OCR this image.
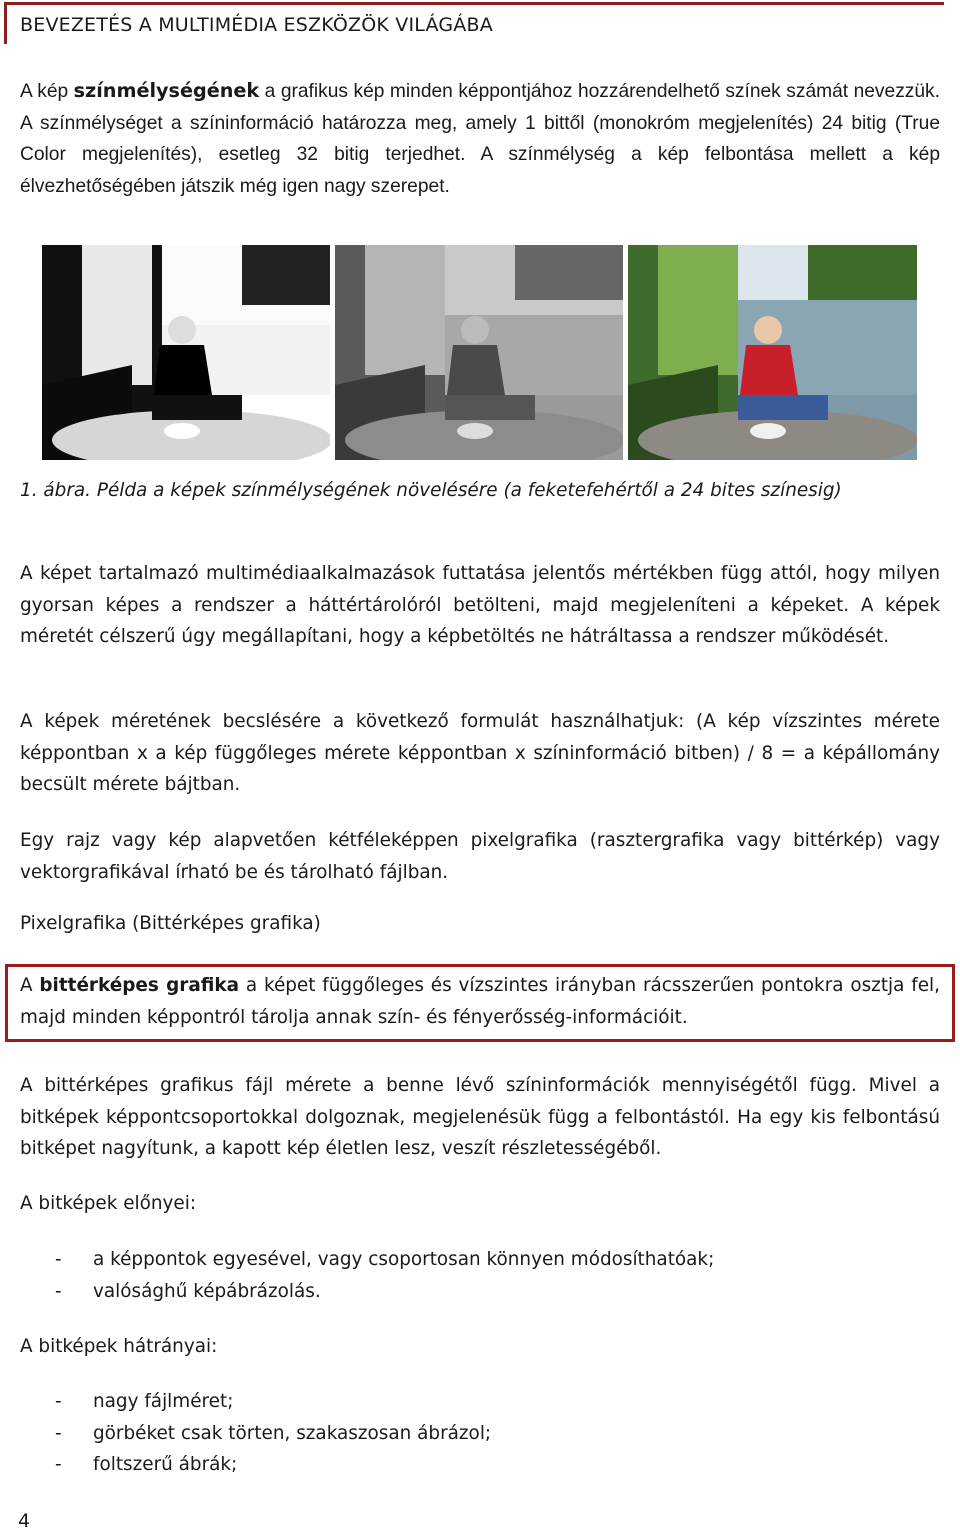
BEVEZETÉS A MULTIMÉDIA ESZKÖZÖK VILÁGÁBA

A kép színmélységének a grafikus kép minden képpontjához hozzárendelhető színek számát nevezzük. A színmélységet a színinformáció határozza meg, amely 1 bittől (monokróm megjelenítés) 24 bitig (True Color megjelenítés), esetleg 32 bitig terjedhet. A színmélység a kép felbontása mellett a kép élvezhetőségében játszik még igen nagy szerepet.

1. ábra. Példa a képek színmélységének növelésére (a feketefehértől a 24 bites színesig)

A képet tartalmazó multimédiaalkalmazások futtatása jelentős mértékben függ attól, hogy milyen gyorsan képes a rendszer a háttértárolóról betölteni, majd megjeleníteni a képeket. A képek méretét célszerű úgy megállapítani, hogy a képbetöltés ne hátráltassa a rendszer működését.

A képek méretének becslésére a következő formulát használhatjuk: (A kép vízszintes mérete képpontban x a kép függőleges mérete képpontban x színinformáció bitben) / 8 = a képállomány becsült mérete bájtban.

Egy rajz vagy kép alapvetően kétféleképpen pixelgrafika (rasztergrafika vagy bittérkép) vagy vektorgrafikával írható be és tárolható fájlban.

Pixelgrafika (Bittérképes grafika)

A bittérképes grafika a képet függőleges és vízszintes irányban rácsszerűen pontokra osztja fel, majd minden képpontról tárolja annak szín- és fényerősség-információit.

A bittérképes grafikus fájl mérete a benne lévő színinformációk mennyiségétől függ. Mivel a bitképek képpontcsoportokkal dolgoznak, megjelenésük függ a felbontástól. Ha egy kis felbontású bitképet nagyítunk, a kapott kép életlen lesz, veszít részletességéből.

A bitképek előnyei:

- a képpontok egyesével, vagy csoportosan könnyen módosíthatóak;
- valósághű képábrázolás.

A bitképek hátrányai:

- nagy fájlméret;
- görbéket csak törten, szakaszosan ábrázol;
- foltszerű ábrák;
4
